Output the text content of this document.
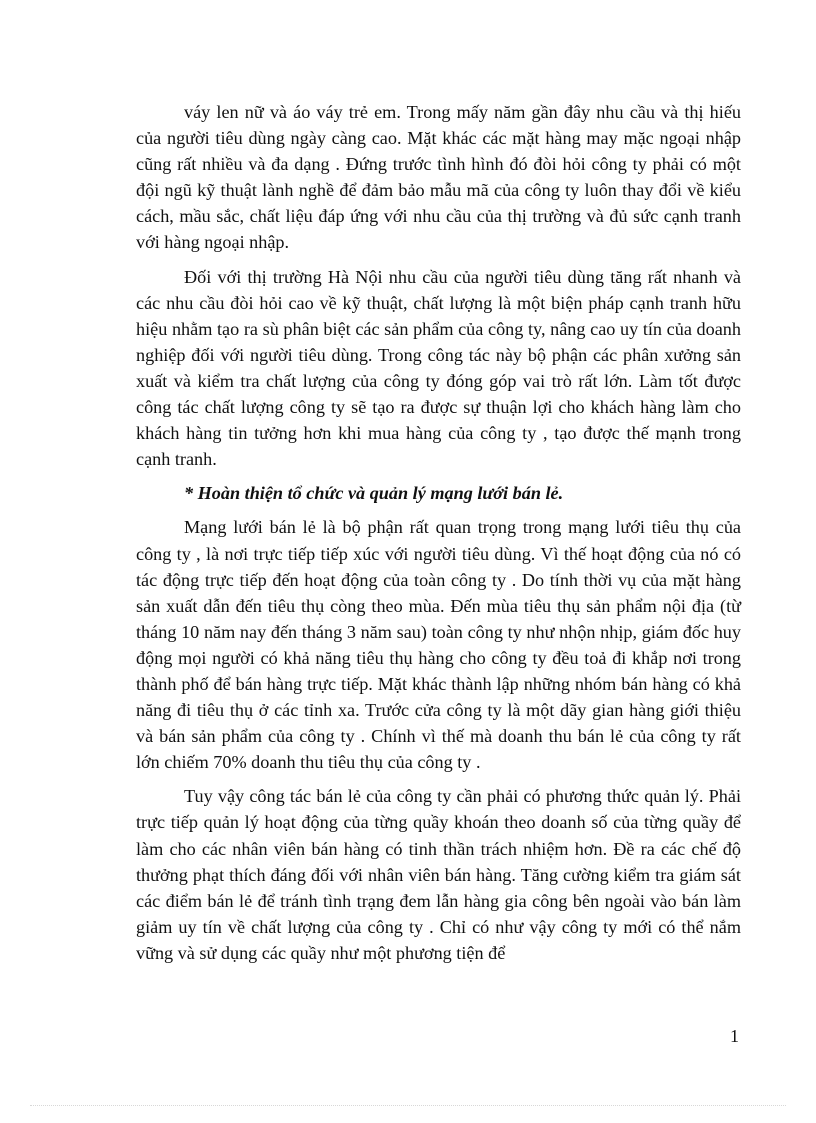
váy len nữ và áo váy trẻ em. Trong mấy năm gần đây nhu cầu và thị hiếu của người tiêu dùng ngày càng cao. Mặt khác các mặt hàng may mặc ngoại nhập cũng rất nhiều và đa dạng . Đứng trước tình hình đó đòi hỏi công ty phải có một đội ngũ kỹ thuật lành nghề để đảm bảo mẫu mã của công ty luôn thay đổi về kiểu cách, mầu sắc, chất liệu đáp ứng với nhu cầu của thị trường và đủ sức cạnh tranh với hàng ngoại nhập.

Đối với thị trường Hà Nội nhu cầu của người tiêu dùng tăng rất nhanh và các nhu cầu đòi hỏi cao về kỹ thuật, chất lượng là một biện pháp cạnh tranh hữu hiệu nhằm tạo ra sù phân biệt các sản phẩm của công ty, nâng cao uy tín của doanh nghiệp đối với người tiêu dùng. Trong công tác này bộ phận các phân xưởng sản xuất và kiểm tra chất lượng của công ty đóng góp vai trò rất lớn. Làm tốt được công tác chất lượng công ty sẽ tạo ra được sự thuận lợi cho khách hàng làm cho khách hàng tin tưởng hơn khi mua hàng của công ty , tạo được thế mạnh trong cạnh tranh.

* Hoàn thiện tổ chức và quản lý mạng lưới bán lẻ.

Mạng lưới bán lẻ là bộ phận rất quan trọng trong mạng lưới tiêu thụ của công ty , là nơi trực tiếp tiếp xúc với người tiêu dùng. Vì thế hoạt động của nó có tác động trực tiếp đến hoạt động của toàn công ty . Do tính thời vụ của mặt hàng sản xuất dẫn đến tiêu thụ còng theo mùa. Đến mùa tiêu thụ sản phẩm nội địa (từ tháng 10 năm nay đến tháng 3 năm sau) toàn công ty như nhộn nhịp, giám đốc huy động mọi người có khả năng tiêu thụ hàng cho công ty đều toả đi khắp nơi trong thành phố để bán hàng trực tiếp. Mặt khác thành lập những nhóm bán hàng có khả năng đi tiêu thụ ở các tỉnh xa. Trước cửa công ty là một dãy gian hàng giới thiệu và bán sản phẩm của công ty . Chính vì thế mà doanh thu bán lẻ của công ty rất lớn chiếm 70% doanh thu tiêu thụ của công ty .

Tuy vậy công tác bán lẻ của công ty cần phải có phương thức quản lý. Phải trực tiếp quản lý hoạt động của từng quầy khoán theo doanh số của từng quầy để làm cho các nhân viên bán hàng có tinh thần trách nhiệm hơn. Đề ra các chế độ thưởng phạt thích đáng đối với nhân viên bán hàng. Tăng cường kiểm tra giám sát các điểm bán lẻ để tránh tình trạng đem lẫn hàng gia công bên ngoài vào bán làm giảm uy tín về chất lượng của công ty . Chỉ có như vậy công ty mới có thể nắm vững và sử dụng các quầy như một phương tiện để

1
